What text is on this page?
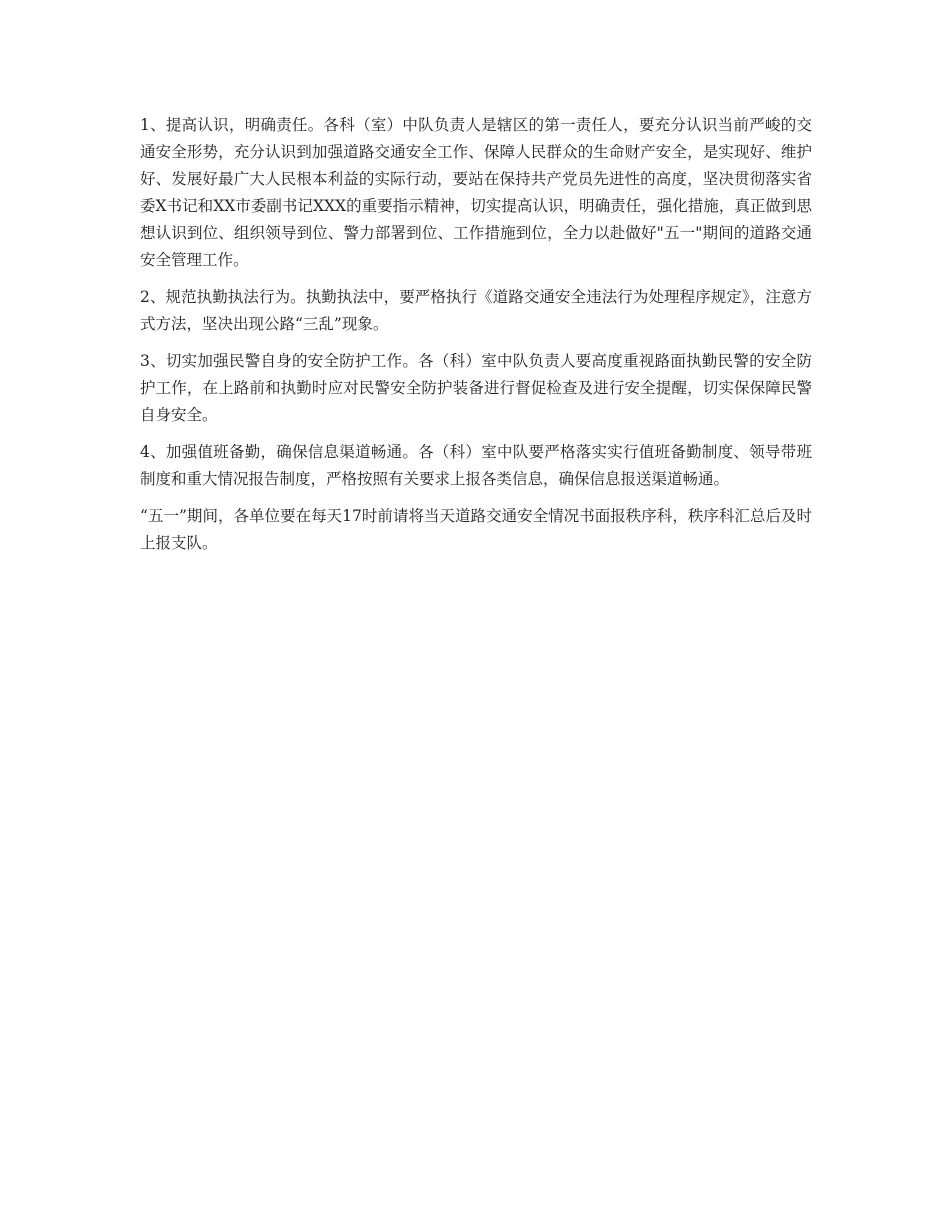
1、提高认识，明确责任。各科（室）中队负责人是辖区的第一责任人，要充分认识当前严峻的交通安全形势，充分认识到加强道路交通安全工作、保障人民群众的生命财产安全，是实现好、维护好、发展好最广大人民根本利益的实际行动，要站在保持共产党员先进性的高度，坚决贯彻落实省委X书记和XX市委副书记XXX的重要指示精神，切实提高认识，明确责任，强化措施，真正做到思想认识到位、组织领导到位、警力部署到位、工作措施到位，全力以赴做好"五一"期间的道路交通安全管理工作。

2、规范执勤执法行为。执勤执法中，要严格执行《道路交通安全违法行为处理程序规定》，注意方式方法，坚决出现公路“三乱”现象。

3、切实加强民警自身的安全防护工作。各（科）室中队负责人要高度重视路面执勤民警的安全防护工作，在上路前和执勤时应对民警安全防护装备进行督促检查及进行安全提醒，切实保保障民警自身安全。

4、加强值班备勤，确保信息渠道畅通。各（科）室中队要严格落实实行值班备勤制度、领导带班制度和重大情况报告制度，严格按照有关要求上报各类信息，确保信息报送渠道畅通。

“五一”期间，各单位要在每天17时前请将当天道路交通安全情况书面报秩序科，秩序科汇总后及时上报支队。
